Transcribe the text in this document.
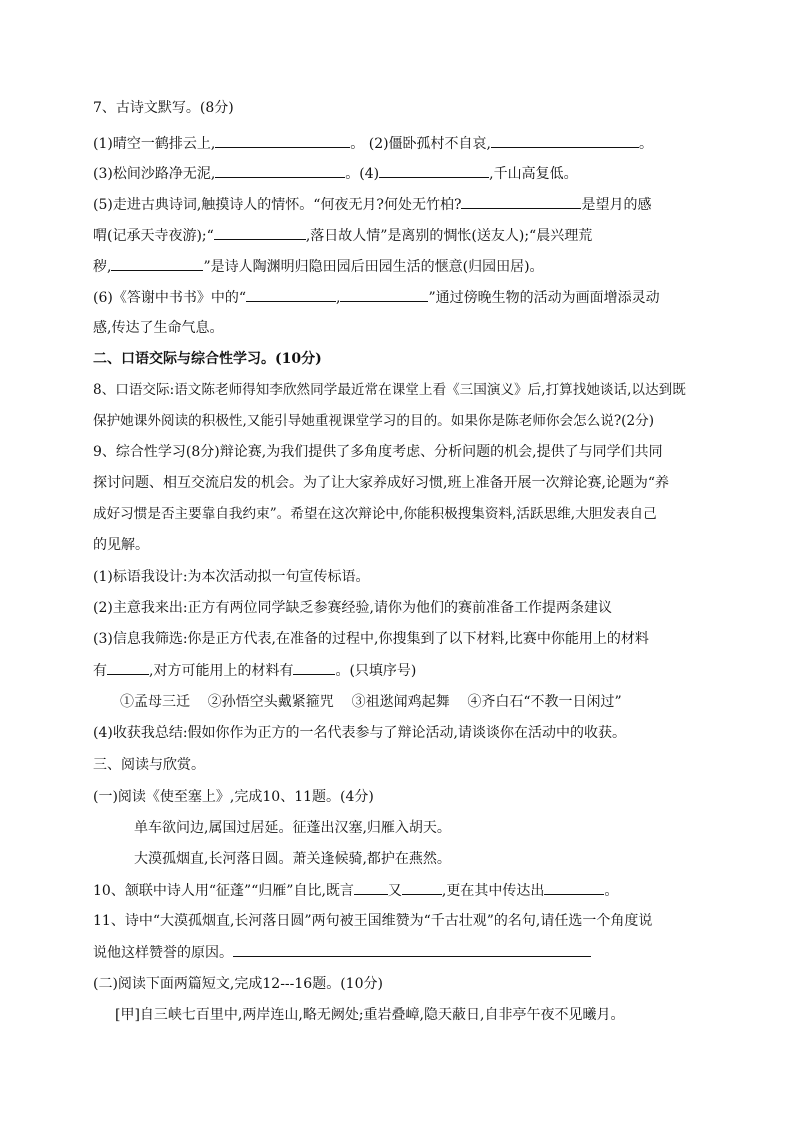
7、古诗文默写。(8分)
(1)晴空一鹤排云上,	。 (2)僵卧孤村不自哀,	。
(3)松间沙路净无泥,	。(4)	,千山高复低。
(5)走进古典诗词,触摸诗人的情怀。“何夜无月?何处无竹柏?	是望月的感
喟(记承天寺夜游);“	,落日故人情”是离别的惆怅(送友人);“晨兴理荒
秽,	”是诗人陶渊明归隐田园后田园生活的惬意(归园田居)。
(6)《答谢中书书》中的“	,	”通过傍晚生物的活动为画面增添灵动
感,传达了生命气息。
二、口语交际与综合性学习。(10分)
8、口语交际:语文陈老师得知李欣然同学最近常在课堂上看《三国演义》后,打算找她谈话,以达到既
保护她课外阅读的积极性,又能引导她重视课堂学习的目的。如果你是陈老师你会怎么说?(2分)
9、综合性学习(8分)辩论赛,为我们提供了多角度考虑、分析问题的机会,提供了与同学们共同
探讨问题、相互交流启发的机会。为了让大家养成好习惯,班上准备开展一次辩论赛,论题为“养
成好习惯是否主要靠自我约束”。希望在这次辩论中,你能积极搜集资料,活跃思维,大胆发表自己
的见解。
(1)标语我设计:为本次活动拟一句宣传标语。
(2)主意我来出:正方有两位同学缺乏参赛经验,请你为他们的赛前准备工作提两条建议
(3)信息我筛选:你是正方代表,在准备的过程中,你搜集到了以下材料,比赛中你能用上的材料
有	,对方可能用上的材料有	。(只填序号)
①孟母三迁    ②孙悟空头戴紧箍咒    ③祖逖闻鸡起舞    ④齐白石“不教一日闲过”
(4)收获我总结:假如你作为正方的一名代表参与了辩论活动,请谈谈你在活动中的收获。
三、阅读与欣赏。
(一)阅读《使至塞上》,完成10、11题。(4分)
单车欲问边,属国过居延。征蓬出汉塞,归雁入胡天。
大漠孤烟直,长河落日圆。萧关逢候骑,都护在燕然。
10、颔联中诗人用“征蓬”“归雁”自比,既言 又	,更在其中传达出	。
11、诗中“大漠孤烟直,长河落日圆”两句被王国维赞为“千古壮观”的名句,请任选一个角度说
说他这样赞誉的原因。
(二)阅读下面两篇短文,完成12---16题。(10分)
[甲]自三峡七百里中,两岸连山,略无阙处;重岩叠嶂,隐天蔽日,自非亭午夜不见曦月。
